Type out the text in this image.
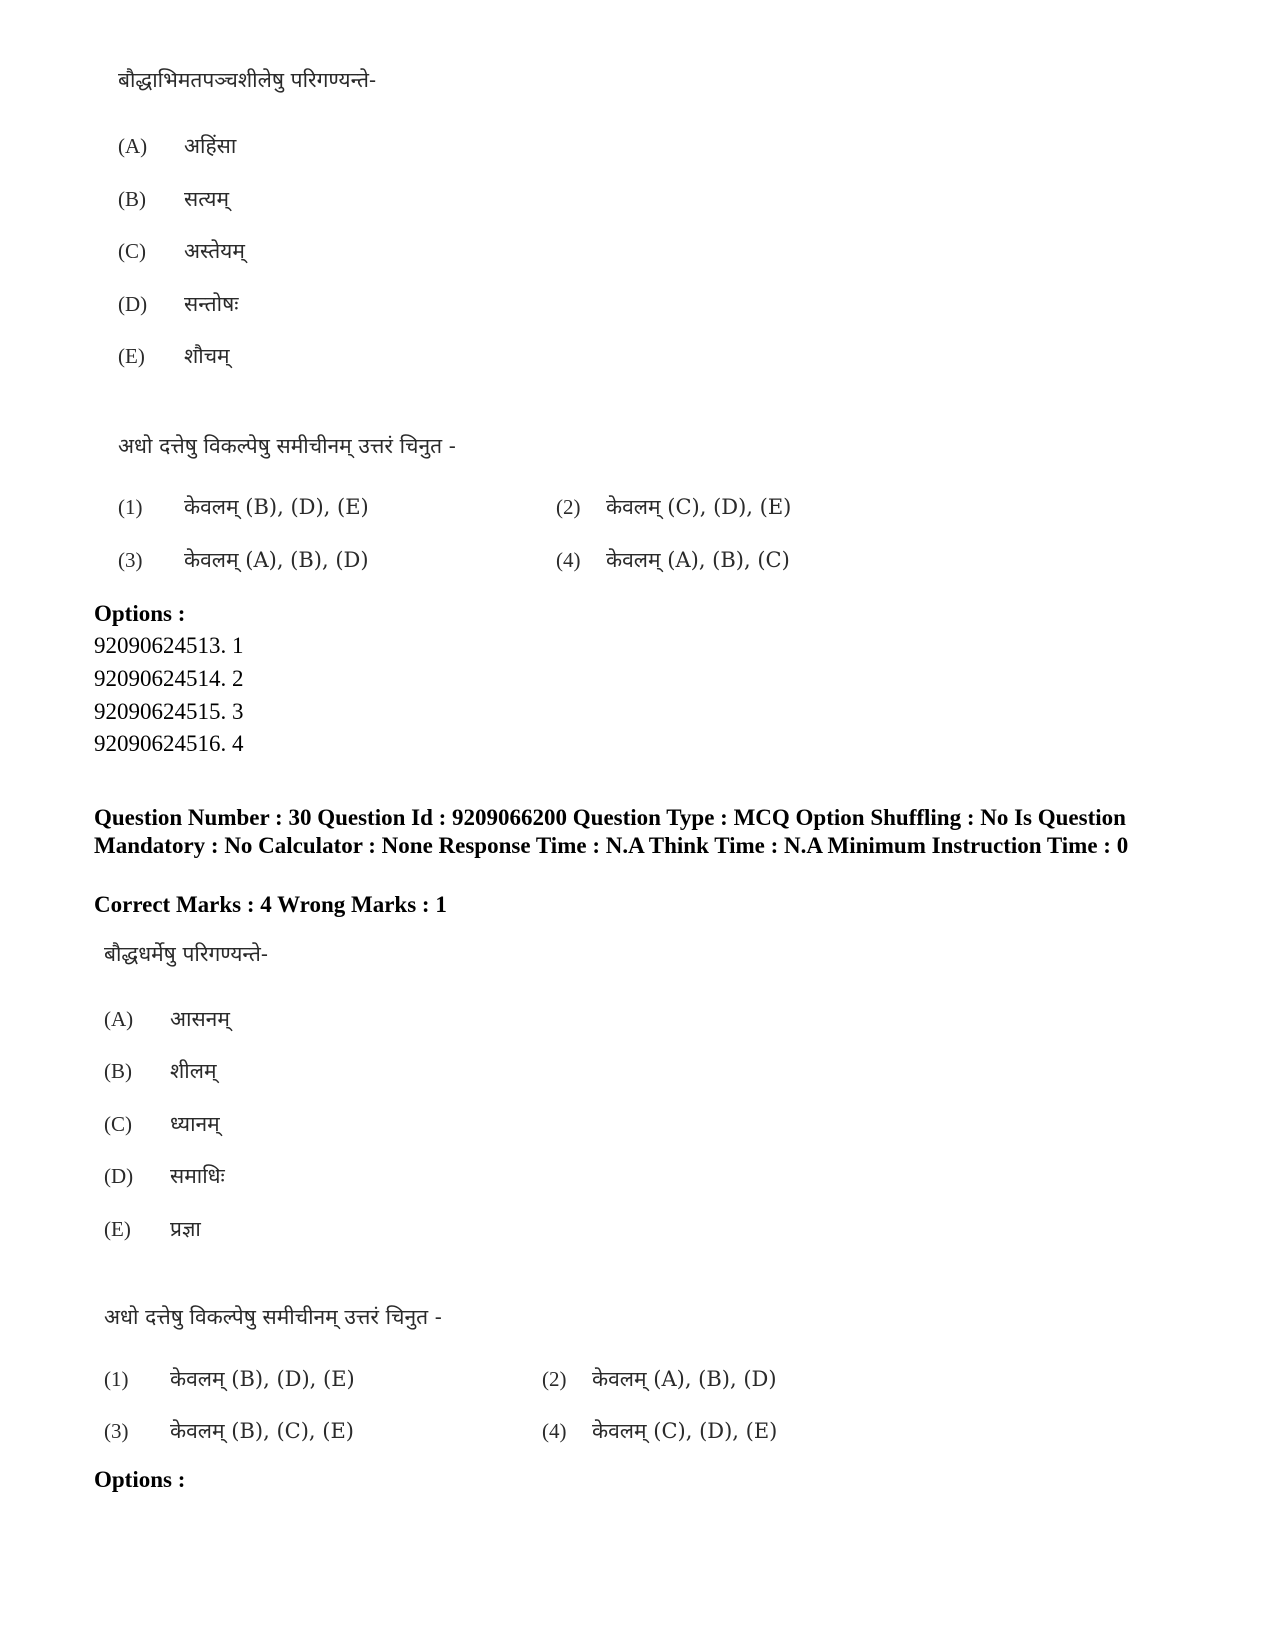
बौद्धाभिमतपञ्चशीलेषु परिगण्यन्ते-
(A) अहिंसा
(B) सत्यम्
(C) अस्तेयम्
(D) सन्तोषः
(E) शौचम्
अधो दत्तेषु विकल्पेषु समीचीनम् उत्तरं चिनुत -
(1) केवलम् (B), (D), (E)	(2) केवलम् (C), (D), (E)
(3) केवलम् (A), (B), (D)	(4) केवलम् (A), (B), (C)
Options :
92090624513. 1
92090624514. 2
92090624515. 3
92090624516. 4
Question Number : 30 Question Id : 9209066200 Question Type : MCQ Option Shuffling : No Is Question Mandatory : No Calculator : None Response Time : N.A Think Time : N.A Minimum Instruction Time : 0
Correct Marks : 4 Wrong Marks : 1
बौद्धधर्मेषु परिगण्यन्ते-
(A) आसनम्
(B) शीलम्
(C) ध्यानम्
(D) समाधिः
(E) प्रज्ञा
अधो दत्तेषु विकल्पेषु समीचीनम् उत्तरं चिनुत -
(1) केवलम् (B), (D), (E)	(2) केवलम् (A), (B), (D)
(3) केवलम् (B), (C), (E)	(4) केवलम् (C), (D), (E)
Options :
